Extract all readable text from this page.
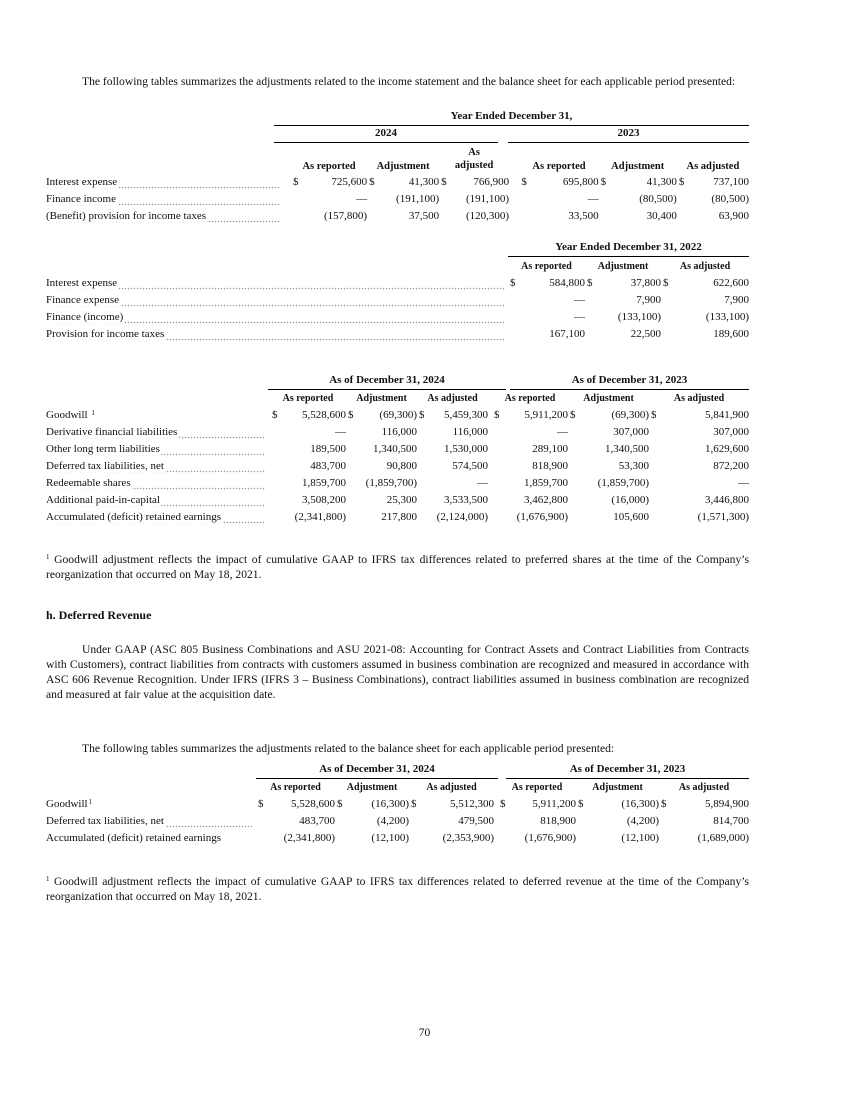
The following tables summarizes the adjustments related to the income statement and the balance sheet for each applicable period presented:

Year Ended December 31,
2024	2023
		As reported		Adjustment		As
adjusted			As reported		Adjustment		As adjusted	
Interest expense		$	725,600	$	41,300	$	766,900		$	695,800	$	41,300	$	737,100
Finance income			—		(191,100)		(191,100)			—		(80,500)		(80,500)
(Benefit) provision for income taxes			(157,800)		37,500		(120,300)			33,500		30,400		63,900
Year Ended December 31, 2022
		As reported		Adjustment		As adjusted	
Interest expense		$	584,800	$	37,800	$	622,600
Finance expense			—		7,900		7,900
Finance (income)			—		(133,100)		(133,100)
Provision for income taxes			167,100		22,500		189,600
As of December 31, 2024	As of December 31, 2023
		As reported		Adjustment		As adjusted			As reported		Adjustment		As adjusted	
Goodwill $^1$		$	5,528,600	$	(69,300)	$	5,459,300		$	5,911,200	$	(69,300)	$	5,841,900
Derivative financial liabilities			—		116,000		116,000			—		307,000		307,000
Other long term liabilities			189,500		1,340,500		1,530,000			289,100		1,340,500		1,629,600
Deferred tax liabilities, net			483,700		90,800		574,500			818,900		53,300		872,200
Redeemable shares			1,859,700		(1,859,700)		—			1,859,700		(1,859,700)		—
Additional paid-in-capital			3,508,200		25,300		3,533,500			3,462,800		(16,000)		3,446,800
Accumulated (deficit) retained earnings			(2,341,800)		217,800		(2,124,000)			(1,676,900)		105,600		(1,571,300)

$^1$ Goodwill adjustment reflects the impact of cumulative GAAP to IFRS tax differences related to preferred shares at the time of the Company’s reorganization that occurred on May 18, 2021.

h. Deferred Revenue

Under GAAP (ASC 805 Business Combinations and ASU 2021-08: Accounting for Contract Assets and Contract Liabilities from Contracts with Customers), contract liabilities from contracts with customers assumed in business combination are recognized and measured in accordance with ASC 606 Revenue Recognition. Under IFRS (IFRS 3 – Business Combinations), contract liabilities assumed in business combination are recognized and measured at fair value at the acquisition date.

The following tables summarizes the adjustments related to the balance sheet for each applicable period presented:

As of December 31, 2024	As of December 31, 2023
		As reported		Adjustment		As adjusted			As reported		Adjustment		As adjusted	
Goodwill$^1$		$	5,528,600	$	(16,300)	$	5,512,300		$	5,911,200	$	(16,300)	$	5,894,900
Deferred tax liabilities, net			483,700		(4,200)		479,500			818,900		(4,200)		814,700
Accumulated (deficit) retained earnings			(2,341,800)		(12,100)		(2,353,900)			(1,676,900)		(12,100)		(1,689,000)

$^1$ Goodwill adjustment reflects the impact of cumulative GAAP to IFRS tax differences related to deferred revenue at the time of the Company’s reorganization that occurred on May 18, 2021.

70
